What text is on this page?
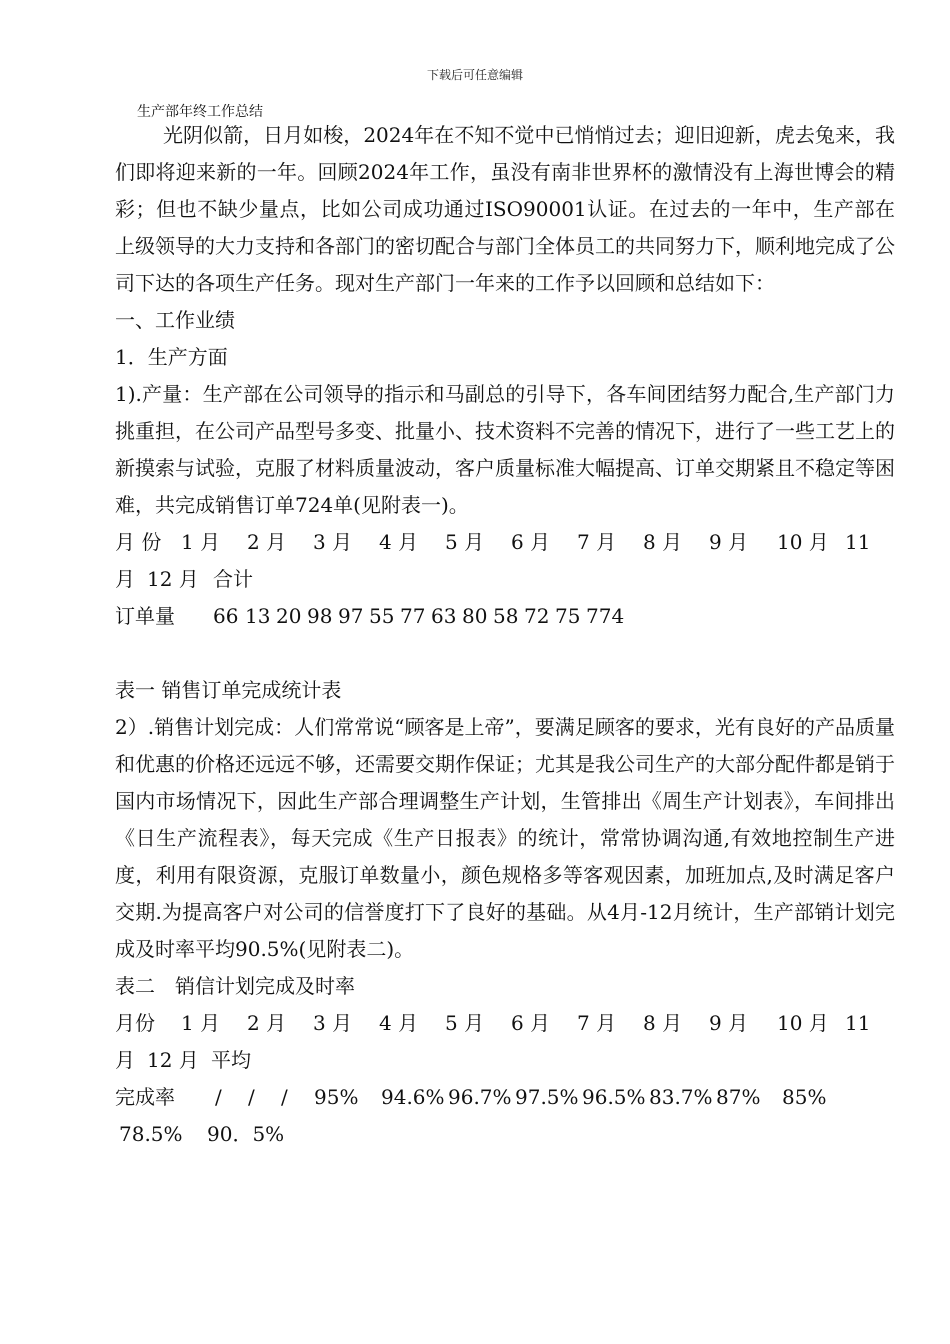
下载后可任意编辑
生产部年终工作总结

光阴似箭，日月如梭，2024年在不知不觉中已悄悄过去；迎旧迎新，虎去兔来，我们即将迎来新的一年。回顾2024年工作，虽没有南非世界杯的激情没有上海世博会的精彩；但也不缺少量点，比如公司成功通过ISO90001认证。在过去的一年中，生产部在上级领导的大力支持和各部门的密切配合与部门全体员工的共同努力下，顺利地完成了公司下达的各项生产任务。现对生产部门一年来的工作予以回顾和总结如下：

一、工作业绩

1．生产方面

1).产量：生产部在公司领导的指示和马副总的引导下，各车间团结努力配合,生产部门力挑重担，在公司产品型号多变、批量小、技术资料不完善的情况下，进行了一些工艺上的新摸索与试验，克服了材料质量波动，客户质量标准大幅提高、订单交期紧且不稳定等困难，共完成销售订单724单(见附表一)。

月 份 1 月 2 月 3 月 4 月 5 月 6 月 7 月 8 月 9 月 10 月 11
月 12 月 合计
订单量 66 13 20 98 97 55 77 63 80 58 72 75 774

表一 销售订单完成统计表

2）.销售计划完成：人们常常说“顾客是上帝”，要满足顾客的要求，光有良好的产品质量和优惠的价格还远远不够，还需要交期作保证；尤其是我公司生产的大部分配件都是销于国内市场情况下，因此生产部合理调整生产计划，生管排出《周生产计划表》，车间排出《日生产流程表》，每天完成《生产日报表》的统计，常常协调沟通,有效地控制生产进度，利用有限资源，克服订单数量小，颜色规格多等客观因素，加班加点,及时满足客户交期.为提高客户对公司的信誉度打下了良好的基础。从4月-12月统计，生产部销计划完成及时率平均90.5%(见附表二)。

表二　销信计划完成及时率

月份 1 月 2 月 3 月 4 月 5 月 6 月 7 月 8 月 9 月 10 月 11
月 12 月 平均
完成率 / / / 95% 94.6% 96.7% 97.5% 96.5% 83.7% 87% 85%
78.5% 90．5%
